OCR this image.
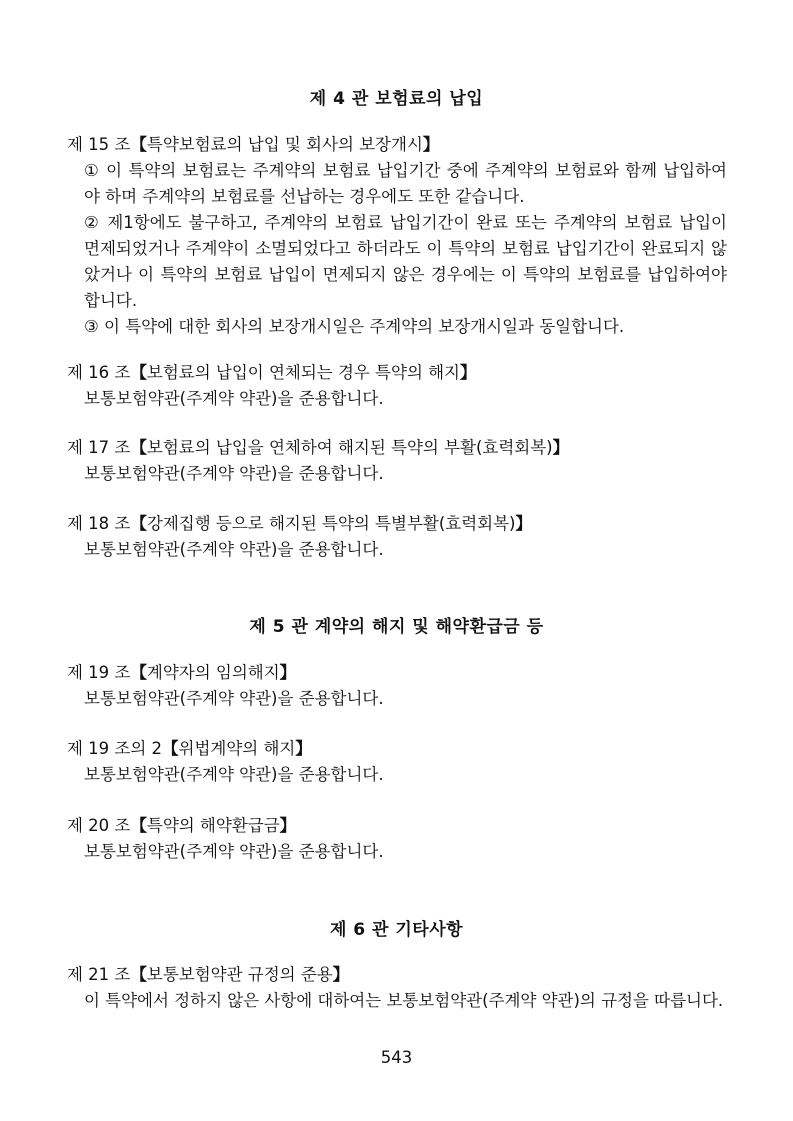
제 4 관 보험료의 납입
제 15 조【특약보험료의 납입 및 회사의 보장개시】
① 이 특약의 보험료는 주계약의 보험료 납입기간 중에 주계약의 보험료와 함께 납입하여야 하며 주계약의 보험료를 선납하는 경우에도 또한 같습니다.
② 제1항에도 불구하고, 주계약의 보험료 납입기간이 완료 또는 주계약의 보험료 납입이 면제되었거나 주계약이 소멸되었다고 하더라도 이 특약의 보험료 납입기간이 완료되지 않았거나 이 특약의 보험료 납입이 면제되지 않은 경우에는 이 특약의 보험료를 납입하여야 합니다.
③ 이 특약에 대한 회사의 보장개시일은 주계약의 보장개시일과 동일합니다.
제 16 조【보험료의 납입이 연체되는 경우 특약의 해지】
보통보험약관(주계약 약관)을 준용합니다.
제 17 조【보험료의 납입을 연체하여 해지된 특약의 부활(효력회복)】
보통보험약관(주계약 약관)을 준용합니다.
제 18 조【강제집행 등으로 해지된 특약의 특별부활(효력회복)】
보통보험약관(주계약 약관)을 준용합니다.
제 5 관 계약의 해지 및 해약환급금 등
제 19 조【계약자의 임의해지】
보통보험약관(주계약 약관)을 준용합니다.
제 19 조의 2【위법계약의 해지】
보통보험약관(주계약 약관)을 준용합니다.
제 20 조【특약의 해약환급금】
보통보험약관(주계약 약관)을 준용합니다.
제 6 관 기타사항
제 21 조【보통보험약관 규정의 준용】
이 특약에서 정하지 않은 사항에 대하여는 보통보험약관(주계약 약관)의 규정을 따릅니다.
543
